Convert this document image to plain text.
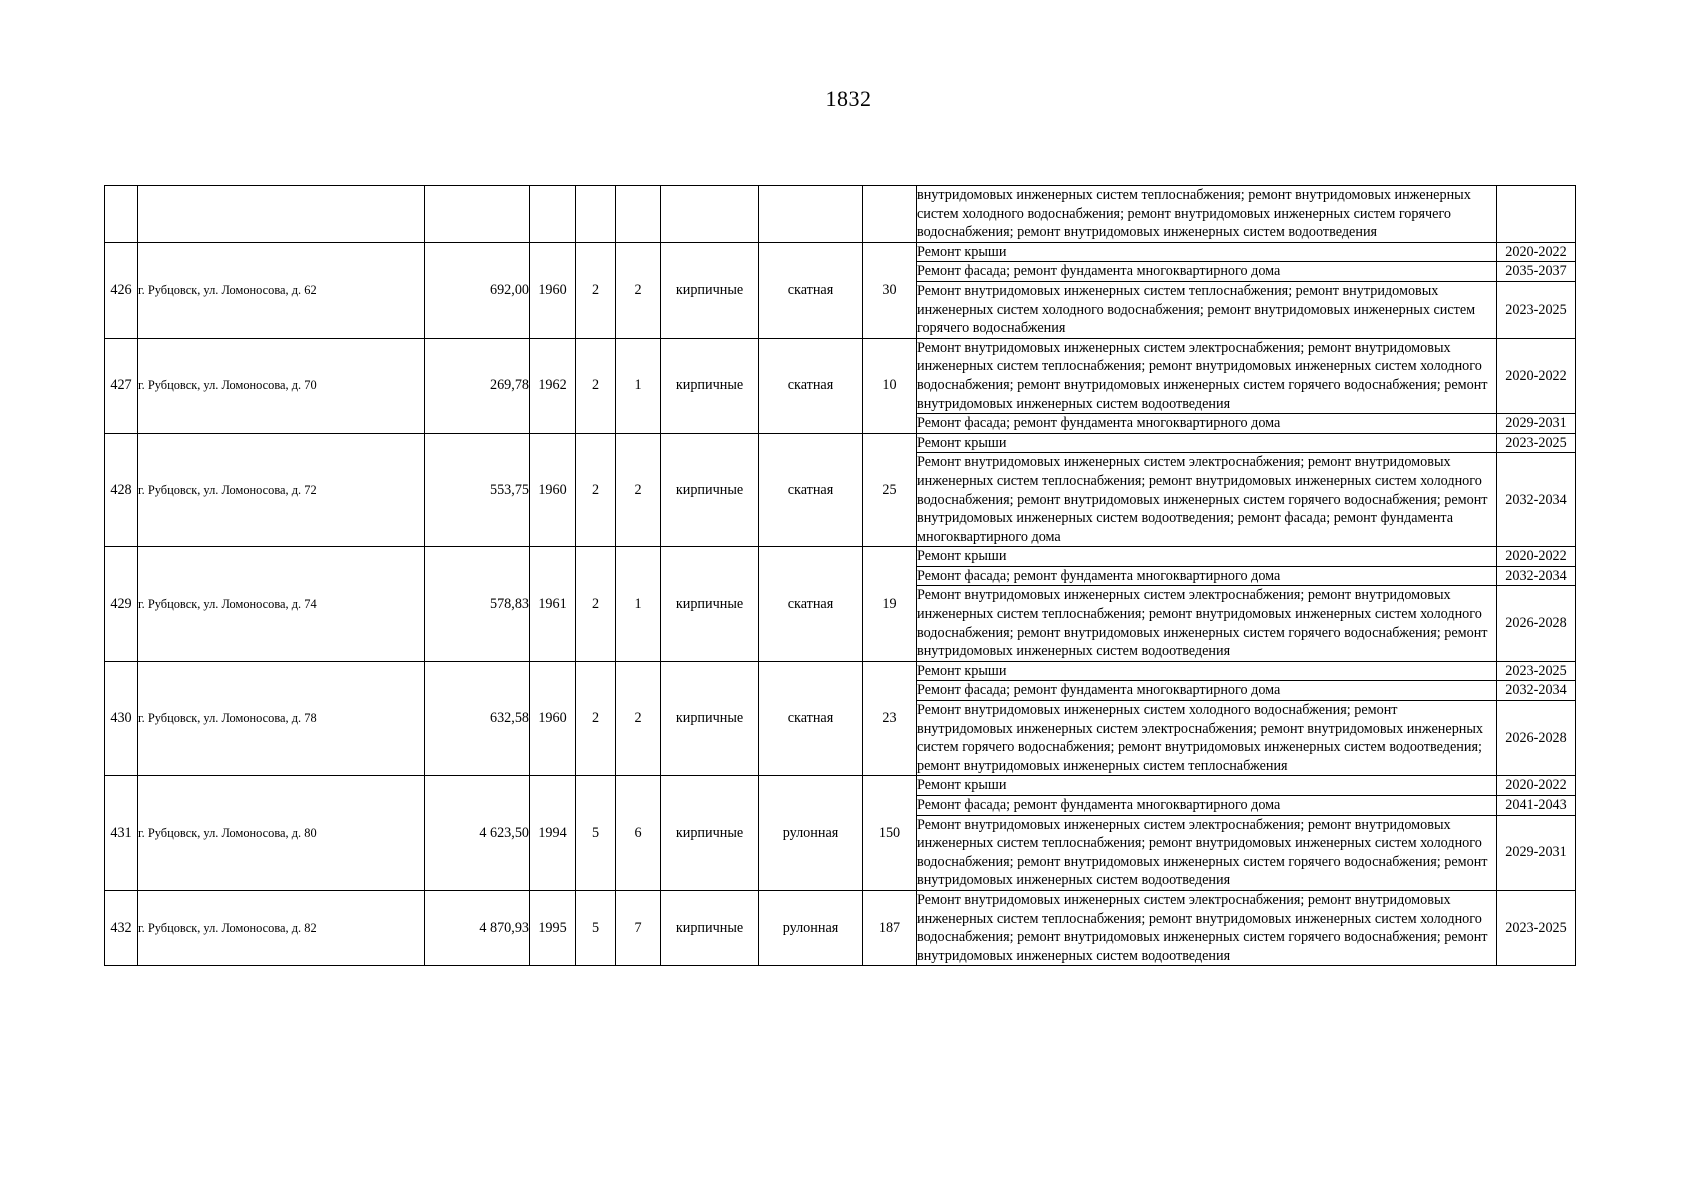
1832
									внутридомовых инженерных систем теплоснабжения; ремонт внутридомовых инженерных систем холодного водоснабжения; ремонт внутридомовых инженерных систем горячего водоснабжения; ремонт внутридомовых инженерных систем водоотведения	
426	г. Рубцовск, ул. Ломоносова, д. 62	692,00	1960	2	2	кирпичные	скатная	30	Ремонт крыши	2020-2022
									Ремонт фасада; ремонт фундамента многоквартирного дома	2035-2037
									Ремонт внутридомовых инженерных систем теплоснабжения; ремонт внутридомовых инженерных систем холодного водоснабжения; ремонт внутридомовых инженерных систем горячего водоснабжения	2023-2025
427	г. Рубцовск, ул. Ломоносова, д. 70	269,78	1962	2	1	кирпичные	скатная	10	Ремонт внутридомовых инженерных систем электроснабжения; ремонт внутридомовых инженерных систем теплоснабжения; ремонт внутридомовых инженерных систем холодного водоснабжения; ремонт внутридомовых инженерных систем горячего водоснабжения; ремонт внутридомовых инженерных систем водоотведения	2020-2022
									Ремонт фасада; ремонт фундамента многоквартирного дома	2029-2031
428	г. Рубцовск, ул. Ломоносова, д. 72	553,75	1960	2	2	кирпичные	скатная	25	Ремонт крыши	2023-2025
									Ремонт внутридомовых инженерных систем электроснабжения; ремонт внутридомовых инженерных систем теплоснабжения; ремонт внутридомовых инженерных систем холодного водоснабжения; ремонт внутридомовых инженерных систем горячего водоснабжения; ремонт внутридомовых инженерных систем водоотведения; ремонт фасада; ремонт фундамента многоквартирного дома	2032-2034
429	г. Рубцовск, ул. Ломоносова, д. 74	578,83	1961	2	1	кирпичные	скатная	19	Ремонт крыши	2020-2022
									Ремонт фасада; ремонт фундамента многоквартирного дома	2032-2034
									Ремонт внутридомовых инженерных систем электроснабжения; ремонт внутридомовых инженерных систем теплоснабжения; ремонт внутридомовых инженерных систем холодного водоснабжения; ремонт внутридомовых инженерных систем горячего водоснабжения; ремонт внутридомовых инженерных систем водоотведения	2026-2028
430	г. Рубцовск, ул. Ломоносова, д. 78	632,58	1960	2	2	кирпичные	скатная	23	Ремонт крыши	2023-2025
									Ремонт фасада; ремонт фундамента многоквартирного дома	2032-2034
									Ремонт внутридомовых инженерных систем холодного водоснабжения; ремонт внутридомовых инженерных систем электроснабжения; ремонт внутридомовых инженерных систем горячего водоснабжения; ремонт внутридомовых инженерных систем водоотведения; ремонт внутридомовых инженерных систем теплоснабжения	2026-2028
431	г. Рубцовск, ул. Ломоносова, д. 80	4 623,50	1994	5	6	кирпичные	рулонная	150	Ремонт крыши	2020-2022
									Ремонт фасада; ремонт фундамента многоквартирного дома	2041-2043
									Ремонт внутридомовых инженерных систем электроснабжения; ремонт внутридомовых инженерных систем теплоснабжения; ремонт внутридомовых инженерных систем холодного водоснабжения; ремонт внутридомовых инженерных систем горячего водоснабжения; ремонт внутридомовых инженерных систем водоотведения	2029-2031
432	г. Рубцовск, ул. Ломоносова, д. 82	4 870,93	1995	5	7	кирпичные	рулонная	187	Ремонт внутридомовых инженерных систем электроснабжения; ремонт внутридомовых инженерных систем теплоснабжения; ремонт внутридомовых инженерных систем холодного водоснабжения; ремонт внутридомовых инженерных систем горячего водоснабжения; ремонт внутридомовых инженерных систем водоотведения	2023-2025
